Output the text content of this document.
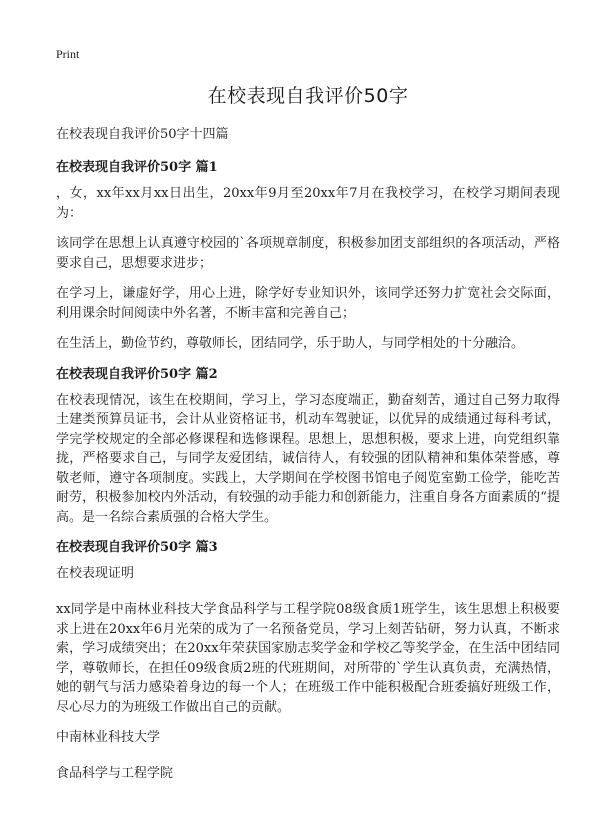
Print
在校表现自我评价50字
在校表现自我评价50字十四篇
在校表现自我评价50字 篇1

，女，xx年xx月xx日出生，20xx年9月至20xx年7月在我校学习，在校学习期间表现为：

该同学在思想上认真遵守校园的`各项规章制度，积极参加团支部组织的各项活动，严格要求自己，思想要求进步；

在学习上，谦虚好学，用心上进，除学好专业知识外，该同学还努力扩宽社会交际面，利用课余时间阅读中外名著，不断丰富和完善自己；

在生活上，勤俭节约，尊敬师长，团结同学，乐于助人，与同学相处的十分融洽。

在校表现自我评价50字 篇2

在校表现情况，该生在校期间，学习上，学习态度端正，勤奋刻苦，通过自己努力取得土建类预算员证书，会计从业资格证书，机动车驾驶证，以优异的成绩通过每科考试，学完学校规定的全部必修课程和选修课程。思想上，思想积极，要求上进，向党组织靠拢，严格要求自己，与同学友爱团结，诚信待人，有较强的团队精神和集体荣誉感，尊敬老师，遵守各项制度。实践上，大学期间在学校图书馆电子阅览室勤工俭学，能吃苦耐劳，积极参加校内外活动，有较强的动手能力和创新能力，注重自身各方面素质的“提高。是一名综合素质强的合格大学生。

在校表现自我评价50字 篇3
在校表现证明

xx同学是中南林业科技大学食品科学与工程学院08级食质1班学生，该生思想上积极要求上进在20xx年6月光荣的成为了一名预备党员，学习上刻苦钻研，努力认真，不断求索，学习成绩突出；在20xx年荣获国家励志奖学金和学校乙等奖学金，在生活中团结同学，尊敬师长，在担任09级食质2班的代班期间，对所带的`学生认真负责，充满热情，她的朝气与活力感染着身边的每一个人；在班级工作中能积极配合班委搞好班级工作，尽心尽力的为班级工作做出自己的贡献。

中南林业科技大学
食品科学与工程学院
